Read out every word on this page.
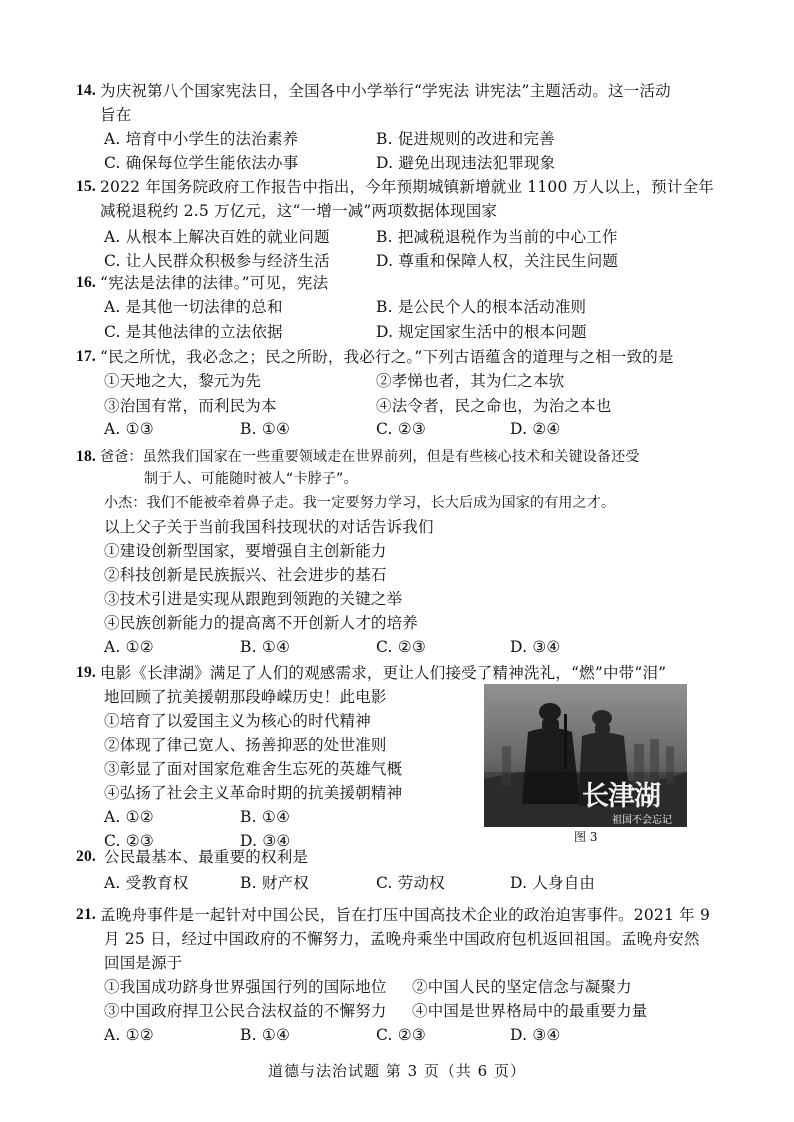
14. 为庆祝第八个国家宪法日，全国各中小学举行“学宪法 讲宪法”主题活动。这一活动
旨在
A. 培育中小学生的法治素养	B. 促进规则的改进和完善
C. 确保每位学生能依法办事	D. 避免出现违法犯罪现象
15. 2022 年国务院政府工作报告中指出，今年预期城镇新增就业 1100 万人以上，预计全年
减税退税约 2.5 万亿元，这“一增一减”两项数据体现国家
A. 从根本上解决百姓的就业问题	B. 把减税退税作为当前的中心工作
C. 让人民群众积极参与经济生活	D. 尊重和保障人权，关注民生问题
16. “宪法是法律的法律。”可见，宪法
A. 是其他一切法律的总和	B. 是公民个人的根本活动准则
C. 是其他法律的立法依据	D. 规定国家生活中的根本问题
17. “民之所忧，我必念之；民之所盼，我必行之。”下列古语蕴含的道理与之相一致的是
①天地之大，黎元为先	②孝悌也者，其为仁之本欤
③治国有常，而利民为本	④法令者，民之命也，为治之本也
A. ①③	B. ①④	C. ②③	D. ②④
18. 爸爸：虽然我们国家在一些重要领域走在世界前列，但是有些核心技术和关键设备还受
制于人、可能随时被人“卡脖子”。
小杰：我们不能被牵着鼻子走。我一定要努力学习，长大后成为国家的有用之才。
以上父子关于当前我国科技现状的对话告诉我们
①建设创新型国家，要增强自主创新能力
②科技创新是民族振兴、社会进步的基石
③技术引进是实现从跟跑到领跑的关键之举
④民族创新能力的提高离不开创新人才的培养
A. ①②	B. ①④	C. ②③	D. ③④
19. 电影《长津湖》满足了人们的观感需求，更让人们接受了精神洗礼，“燃”中带“泪”
地回顾了抗美援朝那段峥嵘历史！此电影
①培育了以爱国主义为核心的时代精神
②体现了律己宽人、扬善抑恶的处世准则
③彰显了面对国家危难舍生忘死的英雄气概
④弘扬了社会主义革命时期的抗美援朝精神
A. ①②	B. ①④
C. ②③	D. ③④
长津湖
祖国不会忘记
图 3
20. 公民最基本、最重要的权利是
A. 受教育权	B. 财产权	C. 劳动权	D. 人身自由
21. 孟晚舟事件是一起针对中国公民，旨在打压中国高技术企业的政治迫害事件。2021 年 9
月 25 日，经过中国政府的不懈努力，孟晚舟乘坐中国政府包机返回祖国。孟晚舟安然
回国是源于
①我国成功跻身世界强国行列的国际地位 ②中国人民的坚定信念与凝聚力
③中国政府捍卫公民合法权益的不懈努力 ④中国是世界格局中的最重要力量
A. ①②	B. ①④	C. ②③	D. ③④
道德与法治试题 第 3 页（共 6 页）
